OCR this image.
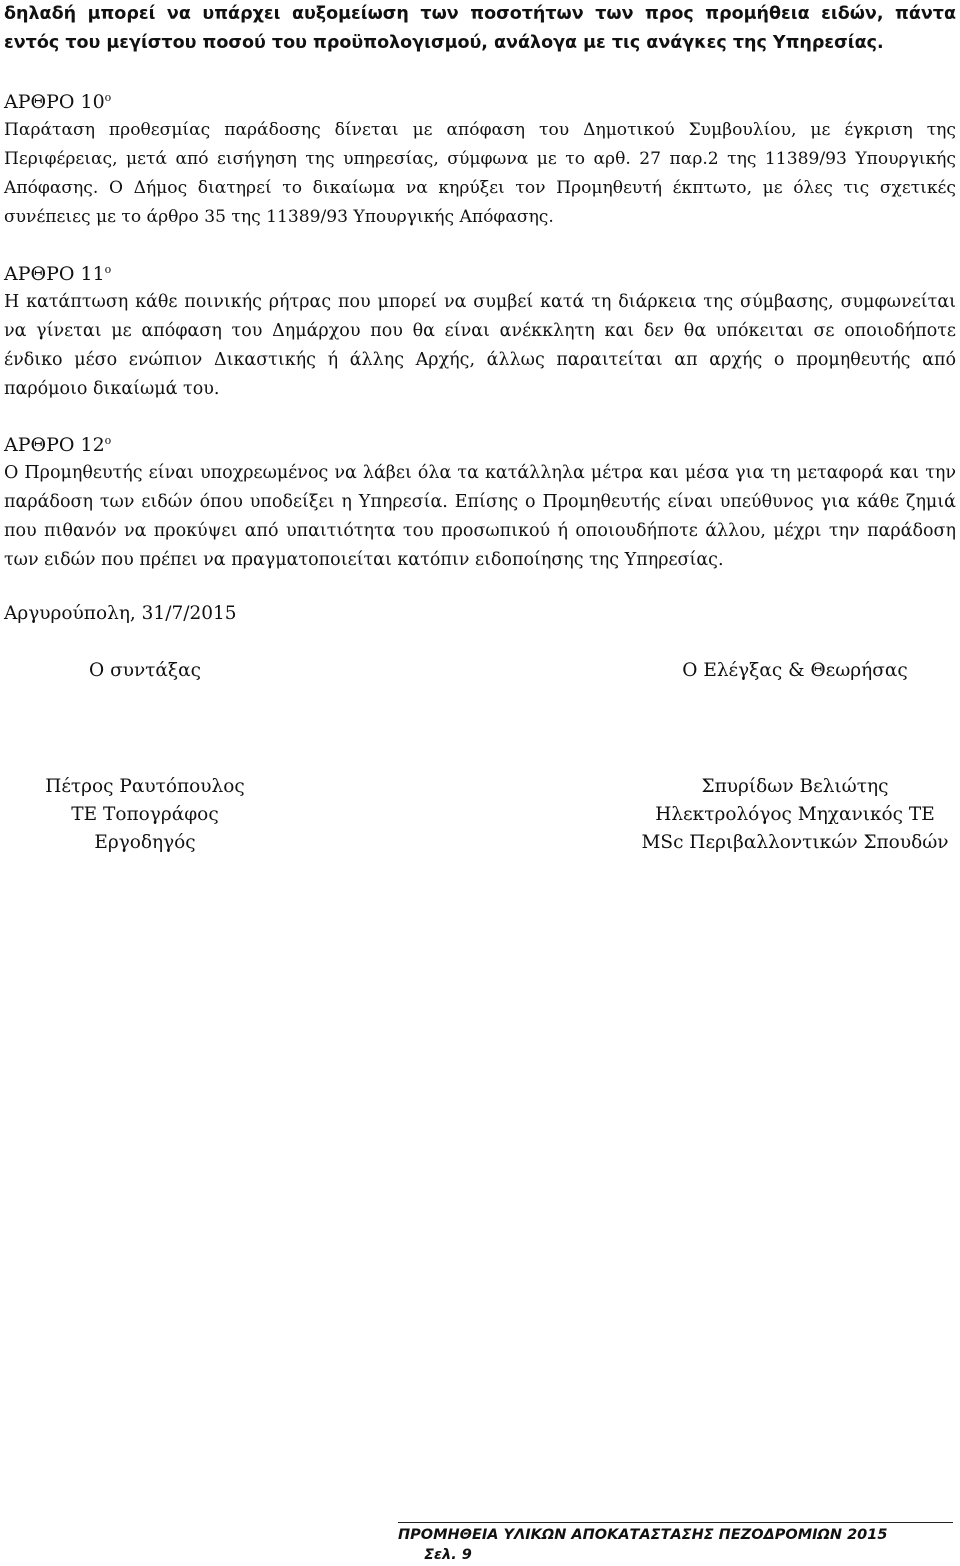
δηλαδή μπορεί να υπάρχει αυξομείωση των ποσοτήτων των προς προμήθεια ειδών, πάντα εντός του μεγίστου ποσού του προϋπολογισμού, ανάλογα με τις ανάγκες της Υπηρεσίας.

ΑΡΘΡΟ $10^o$

Παράταση προθεσμίας παράδοσης δίνεται με απόφαση του Δημοτικού Συμβουλίου, με έγκριση της Περιφέρειας, μετά από εισήγηση της υπηρεσίας, σύμφωνα με το αρθ. 27 παρ.2 της 11389/93 Υπουργικής Απόφασης. Ο Δήμος διατηρεί το δικαίωμα να κηρύξει τον Προμηθευτή έκπτωτο, με όλες τις σχετικές συνέπειες με το άρθρο 35 της 11389/93 Υπουργικής Απόφασης.

ΑΡΘΡΟ $11^o$

Η κατάπτωση κάθε ποινικής ρήτρας που μπορεί να συμβεί κατά τη διάρκεια της σύμβασης, συμφωνείται να γίνεται με απόφαση του Δημάρχου που θα είναι ανέκκλητη και δεν θα υπόκειται σε οποιοδήποτε ένδικο μέσο ενώπιον Δικαστικής ή άλλης Αρχής, άλλως παραιτείται απ αρχής ο προμηθευτής από παρόμοιο δικαίωμά του.

ΑΡΘΡΟ $12^o$

Ο Προμηθευτής είναι υποχρεωμένος να λάβει όλα τα κατάλληλα μέτρα και μέσα για τη μεταφορά και την παράδοση των ειδών όπου υποδείξει η Υπηρεσία. Επίσης ο Προμηθευτής είναι υπεύθυνος για κάθε ζημιά που πιθανόν να προκύψει από υπαιτιότητα του προσωπικού ή οποιουδήποτε άλλου, μέχρι την παράδοση των ειδών που πρέπει να πραγματοποιείται κατόπιν ειδοποίησης της Υπηρεσίας.

Αργυρούπολη, 31/7/2015
Ο συντάξας
Πέτρος Ραυτόπουλος
ΤΕ Τοπογράφος Εργοδηγός
Ο Ελέγξας & Θεωρήσας
Σπυρίδων Βελιώτης
Ηλεκτρολόγος Μηχανικός ΤΕ
MSc Περιβαλλοντικών Σπουδών
ΠΡΟΜΗΘΕΙΑ ΥΛΙΚΩΝ ΑΠΟΚΑΤΑΣΤΑΣΗΣ ΠΕΖΟΔΡΟΜΙΩΝ 2015
Σελ. 9
